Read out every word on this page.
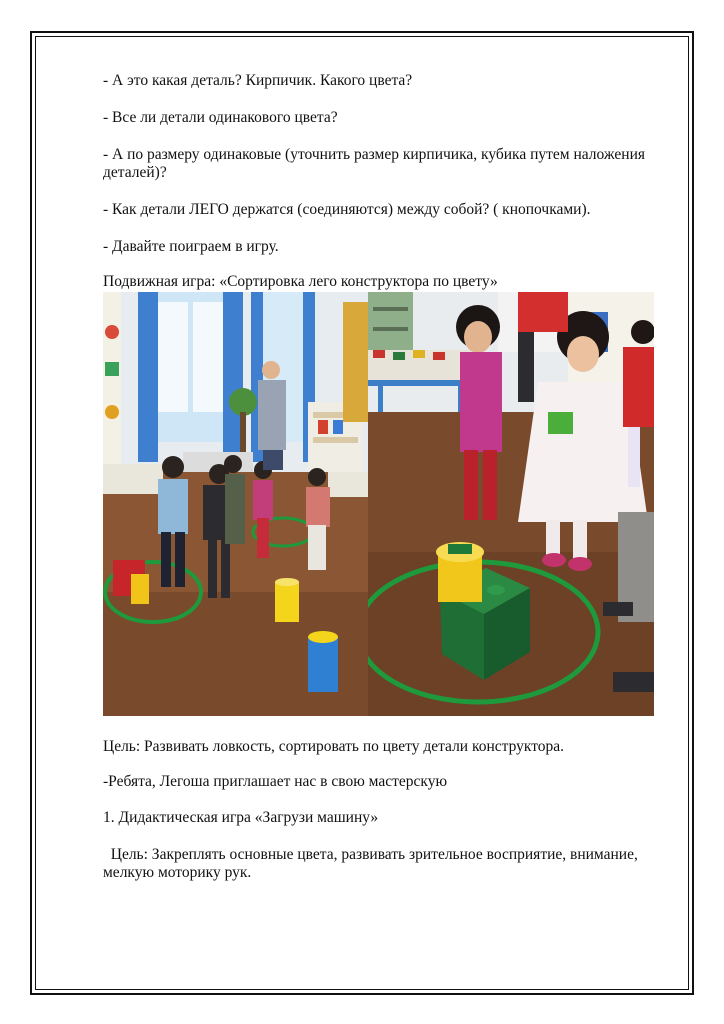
- А это какая деталь? Кирпичик. Какого цвета?

- Все ли детали одинакового цвета?

- А по размеру одинаковые (уточнить размер кирпичика, кубика путем наложения деталей)?

- Как детали ЛЕГО держатся (соединяются) между собой? ( кнопочками).

- Давайте поиграем в игру.

Подвижная игра: «Сортировка лего конструктора по цвету»

Цель: Развивать ловкость, сортировать по цвету детали конструктора.

-Ребята, Легоша приглашает нас в свою мастерскую

1. Дидактическая игра «Загрузи машину»

Цель: Закреплять основные цвета, развивать зрительное восприятие, внимание, мелкую моторику рук.
